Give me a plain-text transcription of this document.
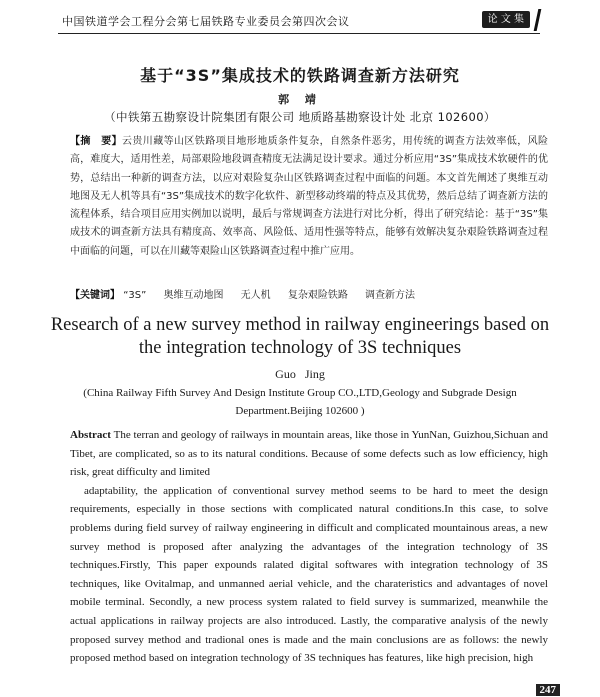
中国铁道学会工程分会第七届铁路专业委员会第四次会议	论 文 集
基于“3S”集成技术的铁路调查新方法研究
郭 靖
（中铁第五勘察设计院集团有限公司 地质路基勘察设计处 北京 102600）
【摘　要】云贵川藏等山区铁路项目地形地质条件复杂，自然条件恶劣，用传统的调查方法效率低，风险高，难度大，适用性差，局部艰险地段调查精度无法满足设计要求。通过分析应用“3S”集成技术软硬件的优势，总结出一种新的调查方法，以应对艰险复杂山区铁路调查过程中面临的问题。本文首先阐述了奥维互动地图及无人机等具有“3S”集成技术的数字化软件、新型移动终端的特点及其优势，然后总结了调查新方法的流程体系，结合项目应用实例加以说明，最后与常规调查方法进行对比分析，得出了研究结论：基于“3S”集成技术的调查新方法具有精度高、效率高、风险低、适用性强等特点，能够有效解决复杂艰险铁路调查过程中面临的问题，可以在川藏等艰险山区铁路调查过程中推广应用。
【关键词】 “3S” 奥维互动地图 无人机 复杂艰险铁路 调查新方法
Research of a new survey method in railway engineerings based on
the integration technology of 3S techniques
Guo Jing
(China Railway Fifth Survey And Design Institute Group CO.,LTD,Geology and Subgrade Design Department.Beijing 102600 )

Abstract The terran and geology of railways in mountain areas, like those in YunNan, Guizhou,Sichuan and Tibet, are complicated, so as to its natural conditions. Because of some defects such as low efficiency, high risk, great difficulty and limited

adaptability, the application of conventional survey method seems to be hard to meet the design requirements, especially in those sections with complicated natural conditions.In this case, to solve problems during field survey of railway engineering in difficult and complicated mountainous areas, a new survey method is proposed after analyzing the advantages of the integration technology of 3S techniques.Firstly, This paper expounds ralated digital softwares with integration technology of 3S techniques, like Ovitalmap, and unmanned aerial vehicle, and the charateristics and advantages of novel mobile terminal. Secondly, a new process system ralated to field survey is summarized, meanwhile the actual applications in railway projects are also introduced. Lastly, the comparative analysis of the newly proposed survey method and tradional ones is made and the main conclusions are as follows: the newly proposed method based on integration technology of 3S techniques has features, like high precision, high

247
